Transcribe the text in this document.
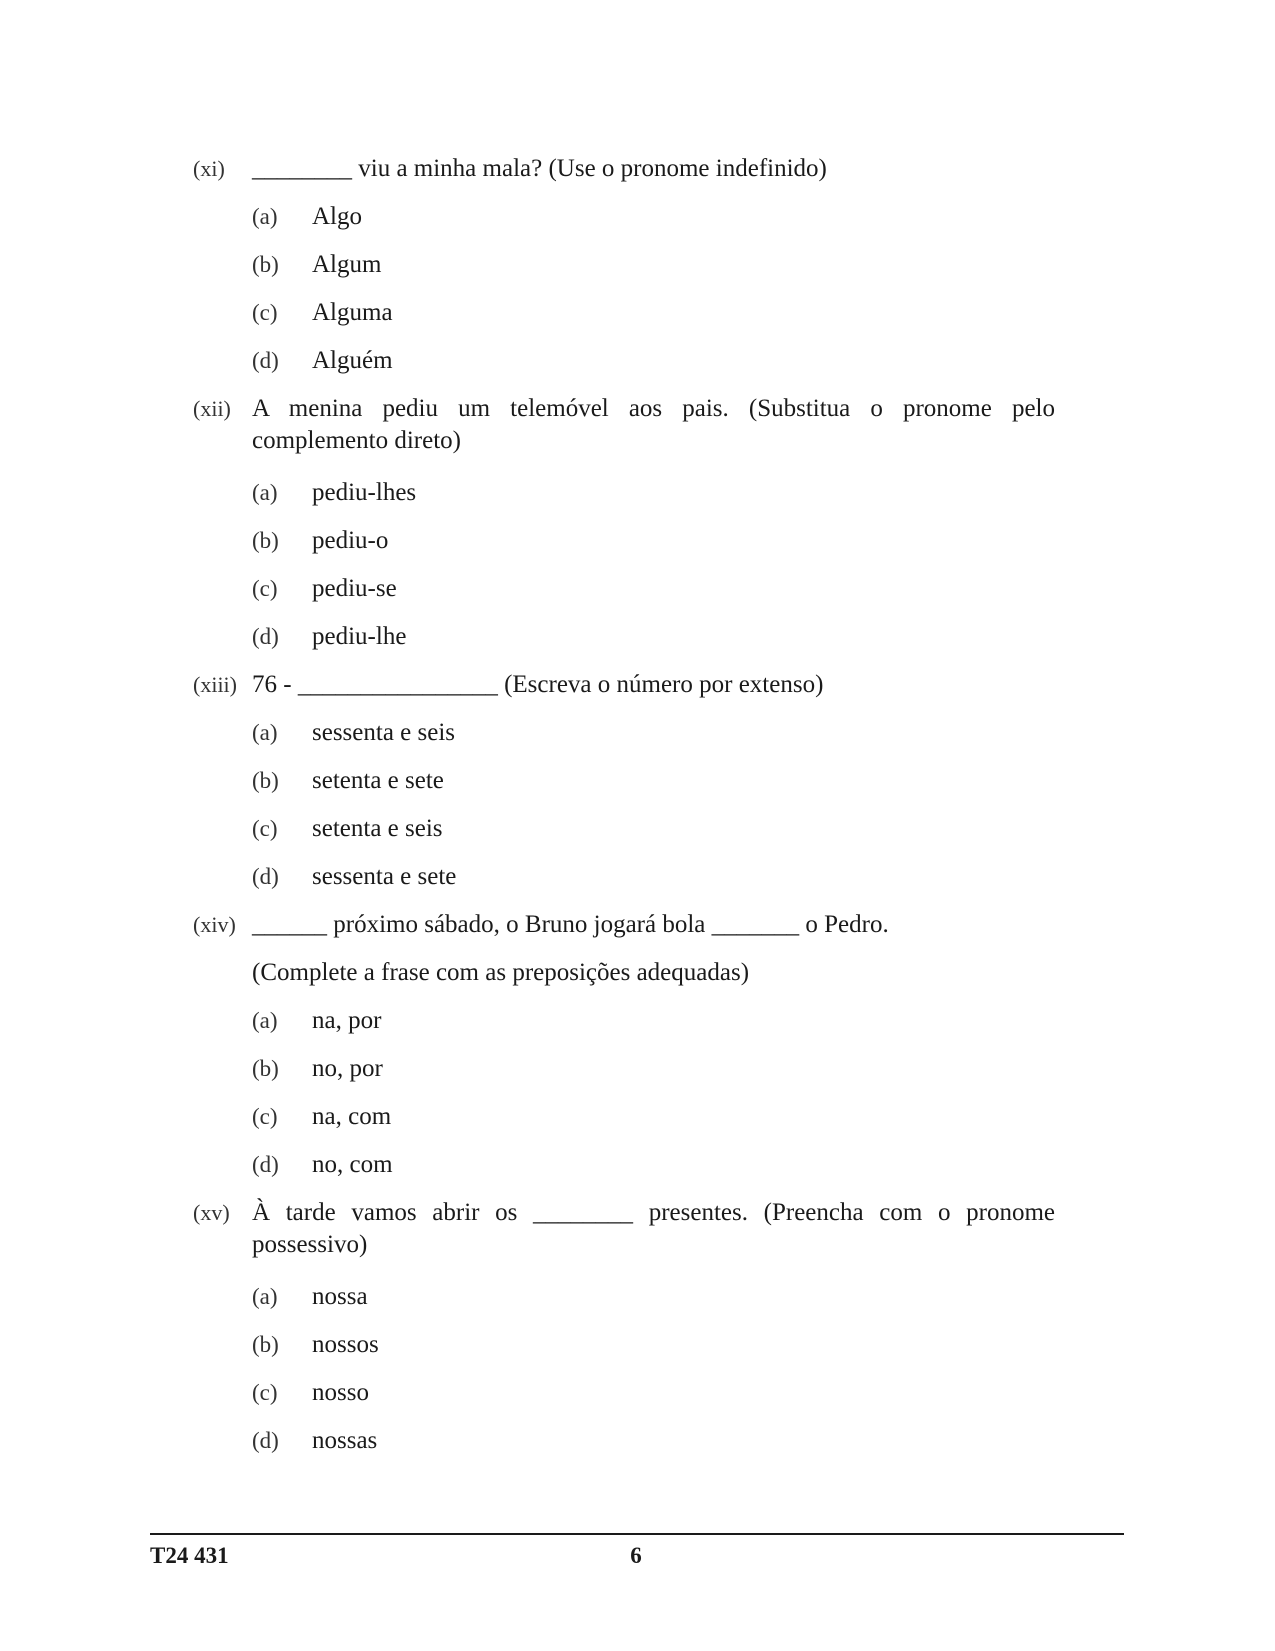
(xi) ________ viu a minha mala? (Use o pronome indefinido)
(a) Algo
(b) Algum
(c) Alguma
(d) Alguém
(xii) A menina pediu um telemóvel aos pais. (Substitua o pronome pelo
complemento direto)
(a) pediu-lhes
(b) pediu-o
(c) pediu-se
(d) pediu-lhe
(xiii) 76 - ________________ (Escreva o número por extenso)
(a) sessenta e seis
(b) setenta e sete
(c) setenta e seis
(d) sessenta e sete
(xiv) ______ próximo sábado, o Bruno jogará bola _______ o Pedro.
(Complete a frase com as preposições adequadas)
(a) na, por
(b) no, por
(c) na, com
(d) no, com
(xv) À tarde vamos abrir os ________ presentes. (Preencha com o pronome
possessivo)
(a) nossa
(b) nossos
(c) nosso
(d) nossas
T24 431	6
